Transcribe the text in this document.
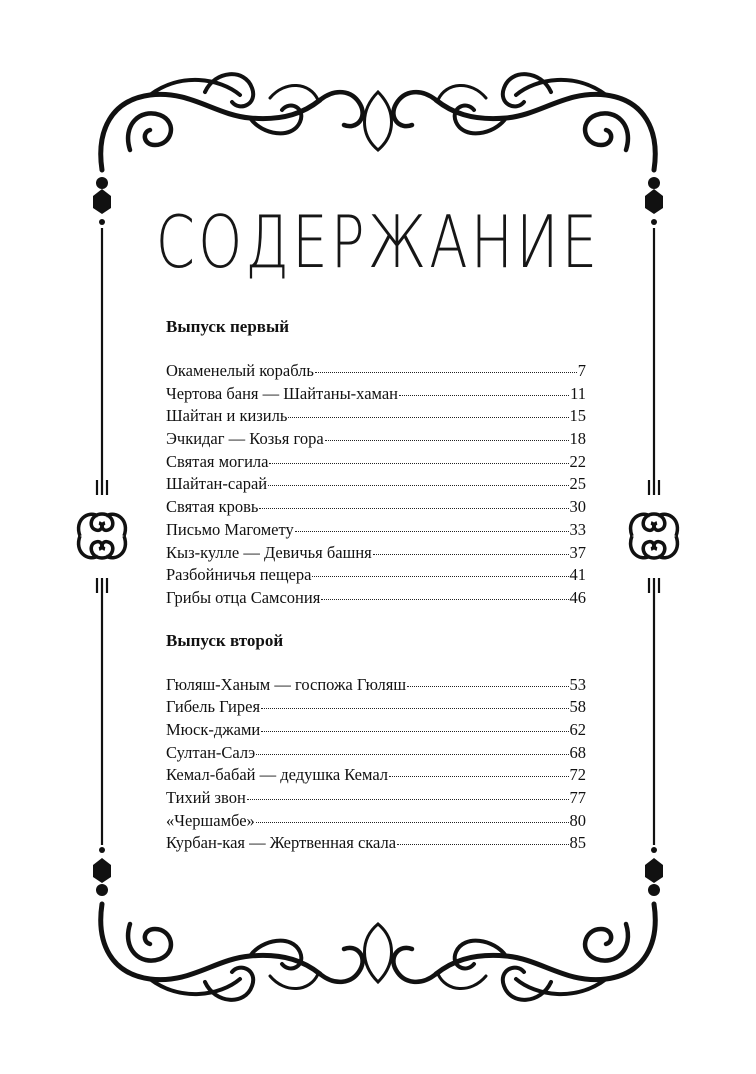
СОДЕРЖАНИЕ
Выпуск первый
Окаменелый корабль	7
Чертова баня — Шайтаны-хаман	11
Шайтан и кизиль	15
Эчкидаг — Козья гора	18
Святая могила	22
Шайтан-сарай	25
Святая кровь	30
Письмо Магомету	33
Кыз-кулле — Девичья башня	37
Разбойничья пещера	41
Грибы отца Самсония	46
Выпуск второй
Гюляш-Ханым — госпожа Гюляш	53
Гибель Гирея	58
Мюск-джами	62
Султан-Салэ	68
Кемал-бабай — дедушка Кемал	72
Тихий звон	77
«Чершамбе»	80
Курбан-кая — Жертвенная скала	85
